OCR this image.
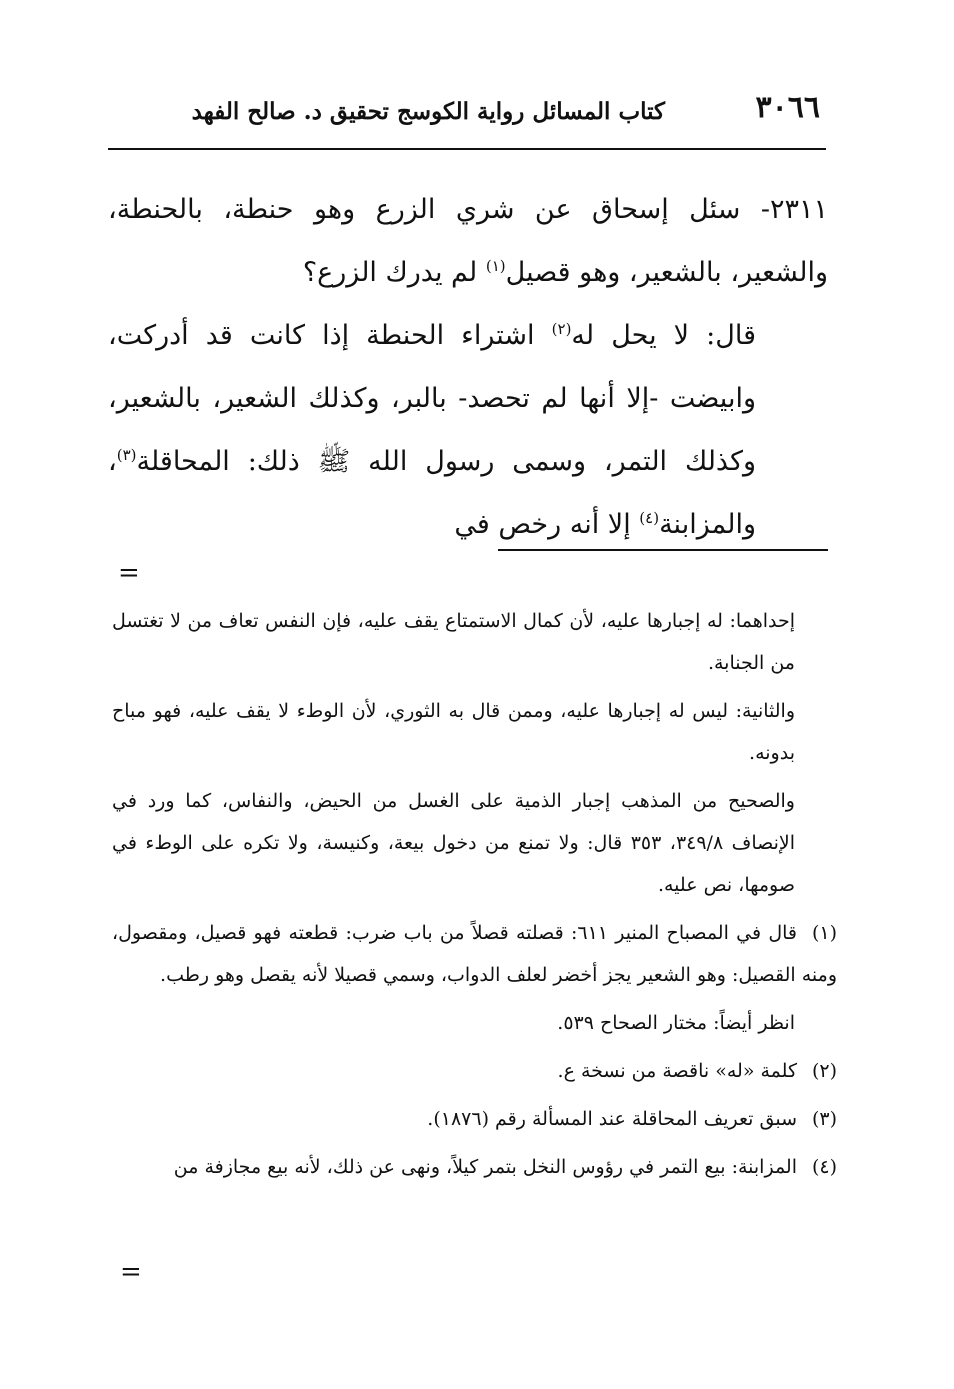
٣٠٦٦
كتاب المسائل رواية الكوسج تحقيق د. صالح الفهد

٢٣١١- سئل إسحاق عن شري الزرع وهو حنطة، بالحنطة، والشعير، بالشعير، وهو قصيل$^{(١)}$ لم يدرك الزرع؟

قال: لا يحل له$^{(٢)}$ اشتراء الحنطة إذا كانت قد أدركت، وابيضت -إلا أنها لم تحصد- بالبر، وكذلك الشعير، بالشعير، وكذلك التمر، وسمى رسول الله ﷺ ذلك: المحاقلة$^{(٣)}$، والمزابنة$^{(٤)}$ إلا أنه رخص في

=

إحداهما: له إجبارها عليه، لأن كمال الاستمتاع يقف عليه، فإن النفس تعاف من لا تغتسل من الجنابة.

والثانية: ليس له إجبارها عليه، وممن قال به الثوري، لأن الوطء لا يقف عليه، فهو مباح بدونه.

والصحيح من المذهب إجبار الذمية على الغسل من الحيض، والنفاس، كما ورد في الإنصاف ٣٤٩/٨، ٣٥٣ قال: ولا تمنع من دخول بيعة، وكنيسة، ولا تكره على الوطء في صومها، نص عليه.

(١)قال في المصباح المنير ٦١١: قصلته قصلاً من باب ضرب: قطعته فهو قصيل، ومقصول، ومنه القصيل: وهو الشعير يجز أخضر لعلف الدواب، وسمي قصيلا لأنه يقصل وهو رطب.

انظر أيضاً: مختار الصحاح ٥٣٩.

(٢)كلمة «له» ناقصة من نسخة ع.

(٣)سبق تعريف المحاقلة عند المسألة رقم (١٨٧٦).

(٤)المزابنة: بيع التمر في رؤوس النخل بتمر كيلاً، ونهى عن ذلك، لأنه بيع مجازفة من

=
